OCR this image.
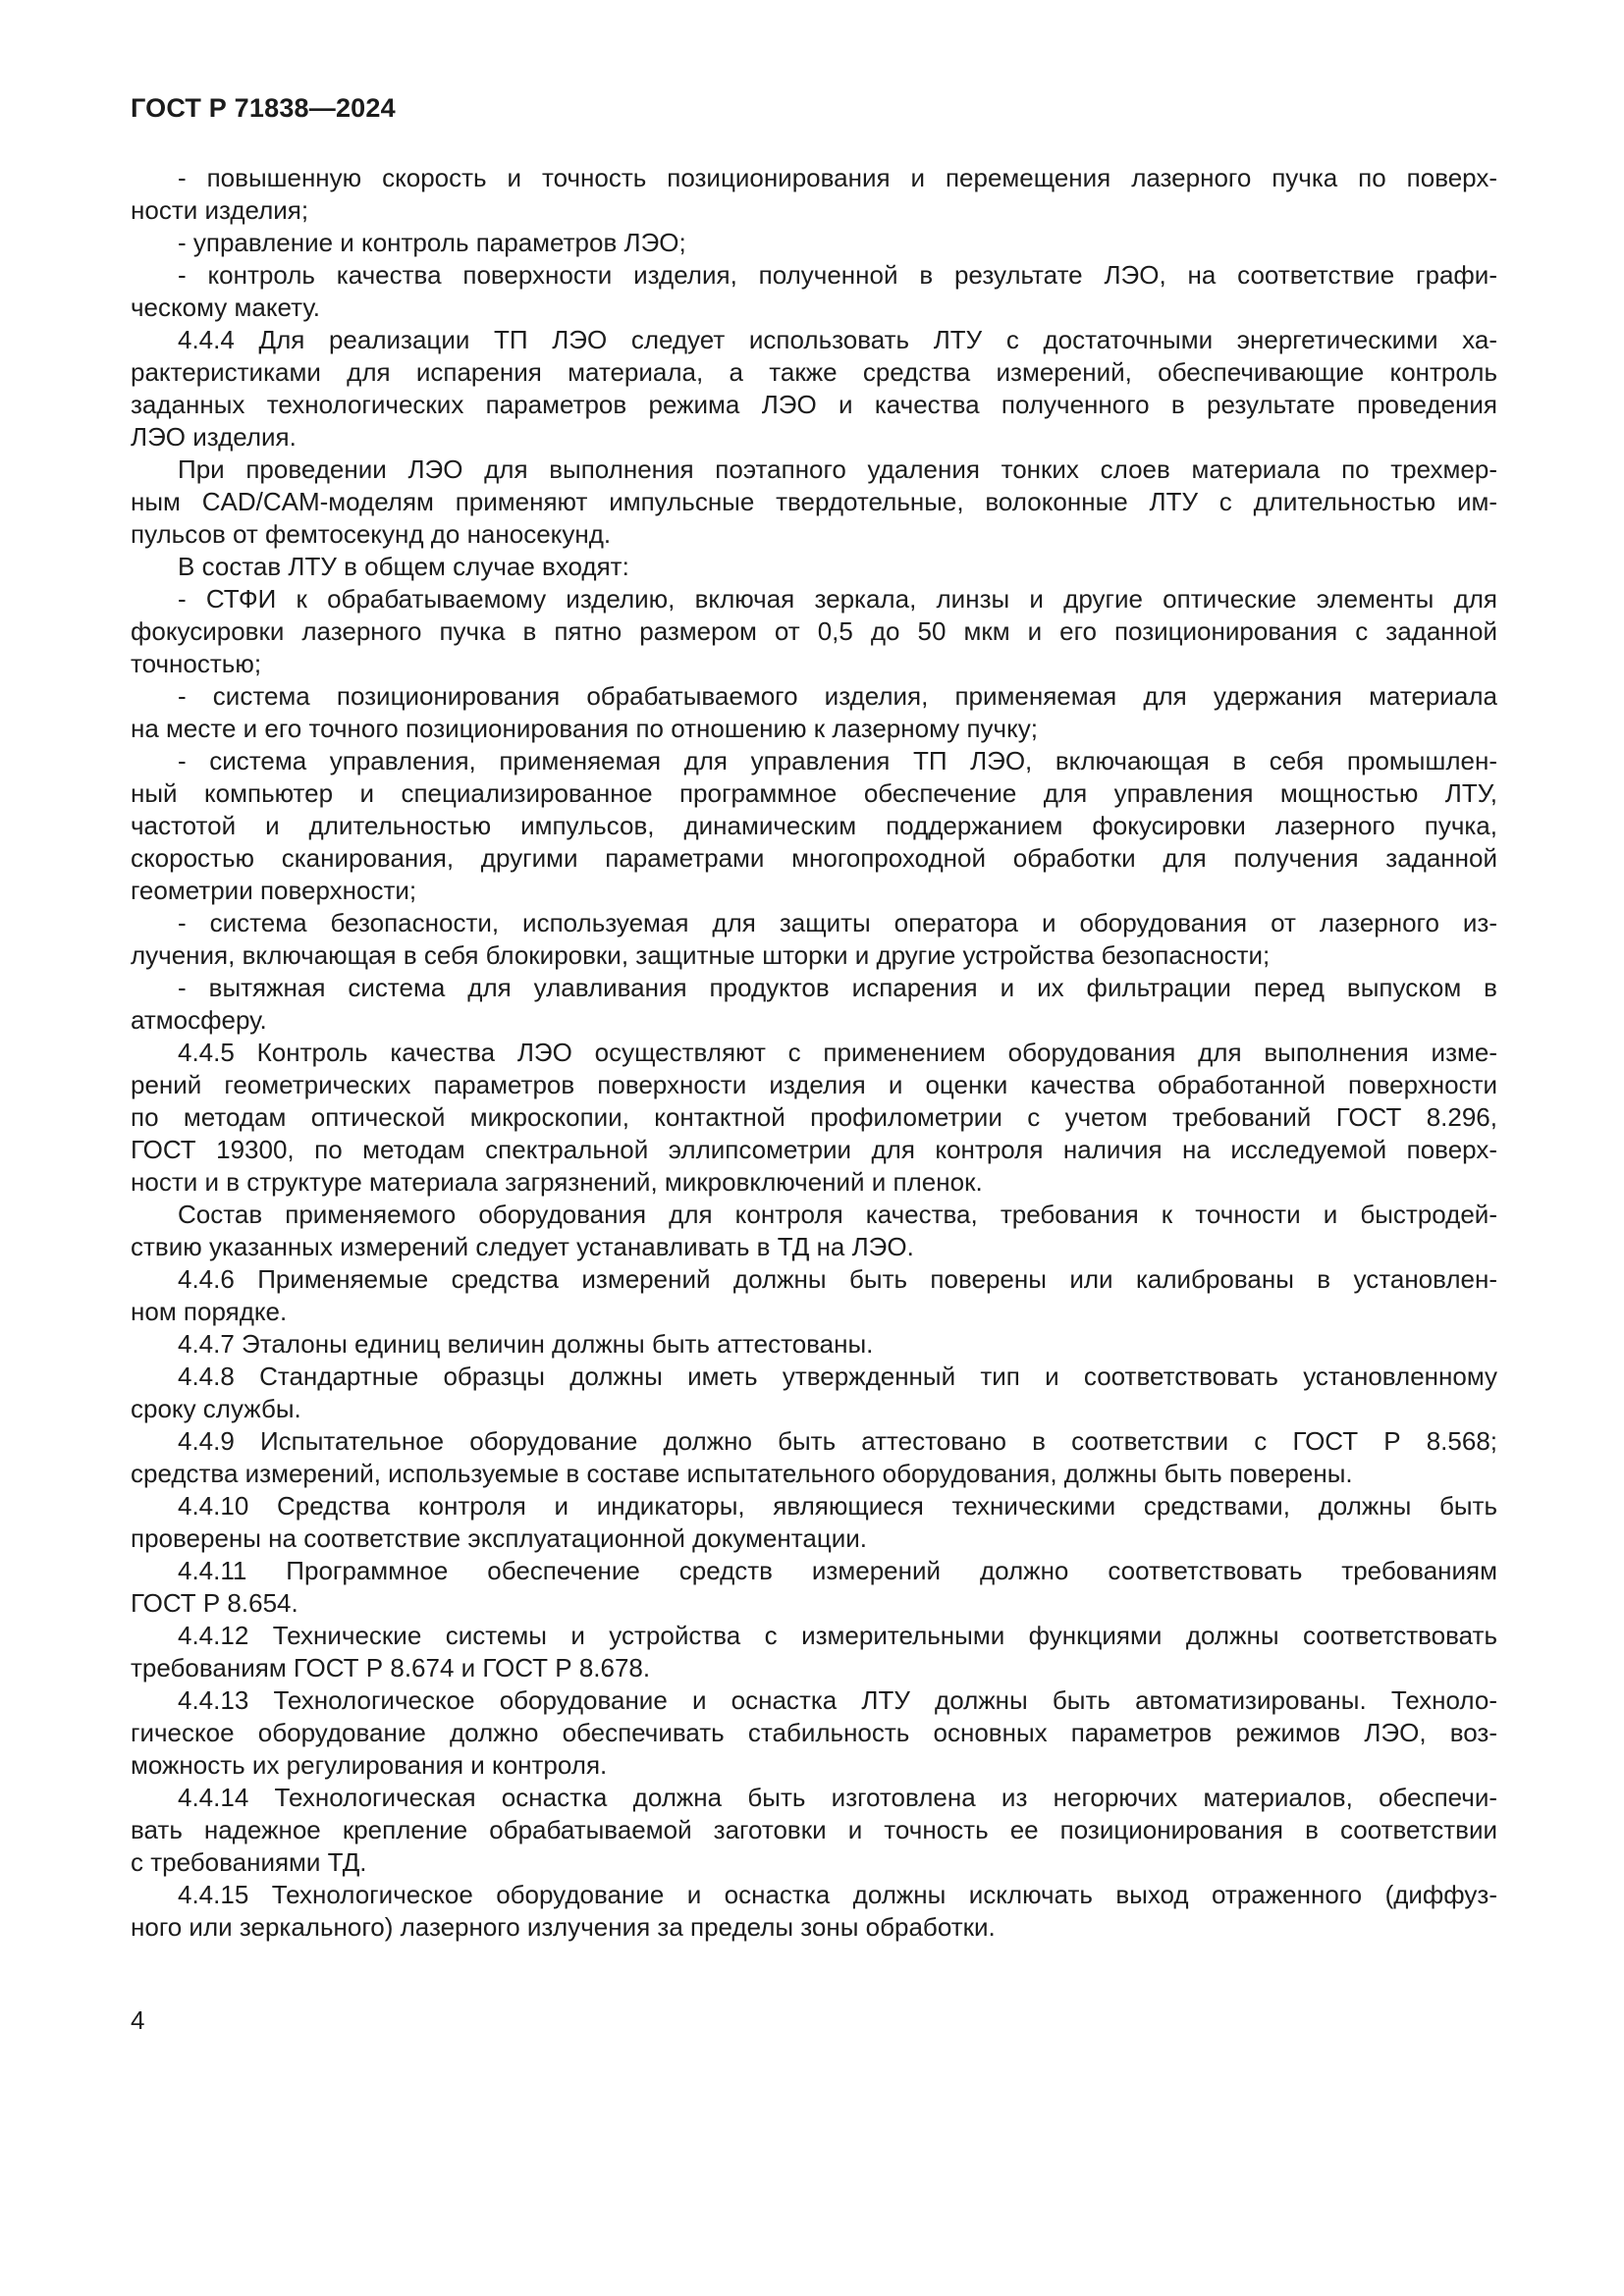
ГОСТ Р 71838—2024
- повышенную скорость и точность позиционирования и перемещения лазерного пучка по поверх-
ности изделия;
- управление и контроль параметров ЛЭО;
- контроль качества поверхности изделия, полученной в результате ЛЭО, на соответствие графи-
ческому макету.
4.4.4 Для реализации ТП ЛЭО следует использовать ЛТУ с достаточными энергетическими ха-
рактеристиками для испарения материала, а также средства измерений, обеспечивающие контроль
заданных технологических параметров режима ЛЭО и качества полученного в результате проведения
ЛЭО изделия.
При проведении ЛЭО для выполнения поэтапного удаления тонких слоев материала по трехмер-
ным CAD/CAM-моделям применяют импульсные твердотельные, волоконные ЛТУ с длительностью им-
пульсов от фемтосекунд до наносекунд.
В состав ЛТУ в общем случае входят:
- СТФИ к обрабатываемому изделию, включая зеркала, линзы и другие оптические элементы для
фокусировки лазерного пучка в пятно размером от 0,5 до 50 мкм и его позиционирования с заданной
точностью;
- система позиционирования обрабатываемого изделия, применяемая для удержания материала
на месте и его точного позиционирования по отношению к лазерному пучку;
- система управления, применяемая для управления ТП ЛЭО, включающая в себя промышлен-
ный компьютер и специализированное программное обеспечение для управления мощностью ЛТУ,
частотой и длительностью импульсов, динамическим поддержанием фокусировки лазерного пучка,
скоростью сканирования, другими параметрами многопроходной обработки для получения заданной
геометрии поверхности;
- система безопасности, используемая для защиты оператора и оборудования от лазерного из-
лучения, включающая в себя блокировки, защитные шторки и другие устройства безопасности;
- вытяжная система для улавливания продуктов испарения и их фильтрации перед выпуском в
атмосферу.
4.4.5 Контроль качества ЛЭО осуществляют с применением оборудования для выполнения изме-
рений геометрических параметров поверхности изделия и оценки качества обработанной поверхности
по методам оптической микроскопии, контактной профилометрии с учетом требований ГОСТ 8.296,
ГОСТ 19300, по методам спектральной эллипсометрии для контроля наличия на исследуемой поверх-
ности и в структуре материала загрязнений, микровключений и пленок.
Состав применяемого оборудования для контроля качества, требования к точности и быстродей-
ствию указанных измерений следует устанавливать в ТД на ЛЭО.
4.4.6 Применяемые средства измерений должны быть поверены или калиброваны в установлен-
ном порядке.
4.4.7 Эталоны единиц величин должны быть аттестованы.
4.4.8 Стандартные образцы должны иметь утвержденный тип и соответствовать установленному
сроку службы.
4.4.9 Испытательное оборудование должно быть аттестовано в соответствии с ГОСТ Р 8.568;
средства измерений, используемые в составе испытательного оборудования, должны быть поверены.
4.4.10 Средства контроля и индикаторы, являющиеся техническими средствами, должны быть
проверены на соответствие эксплуатационной документации.
4.4.11 Программное обеспечение средств измерений должно соответствовать требованиям
ГОСТ Р 8.654.
4.4.12 Технические системы и устройства с измерительными функциями должны соответствовать
требованиям ГОСТ Р 8.674 и ГОСТ Р 8.678.
4.4.13 Технологическое оборудование и оснастка ЛТУ должны быть автоматизированы. Техноло-
гическое оборудование должно обеспечивать стабильность основных параметров режимов ЛЭО, воз-
можность их регулирования и контроля.
4.4.14 Технологическая оснастка должна быть изготовлена из негорючих материалов, обеспечи-
вать надежное крепление обрабатываемой заготовки и точность ее позиционирования в соответствии
с требованиями ТД.
4.4.15 Технологическое оборудование и оснастка должны исключать выход отраженного (диффуз-
ного или зеркального) лазерного излучения за пределы зоны обработки.
4
